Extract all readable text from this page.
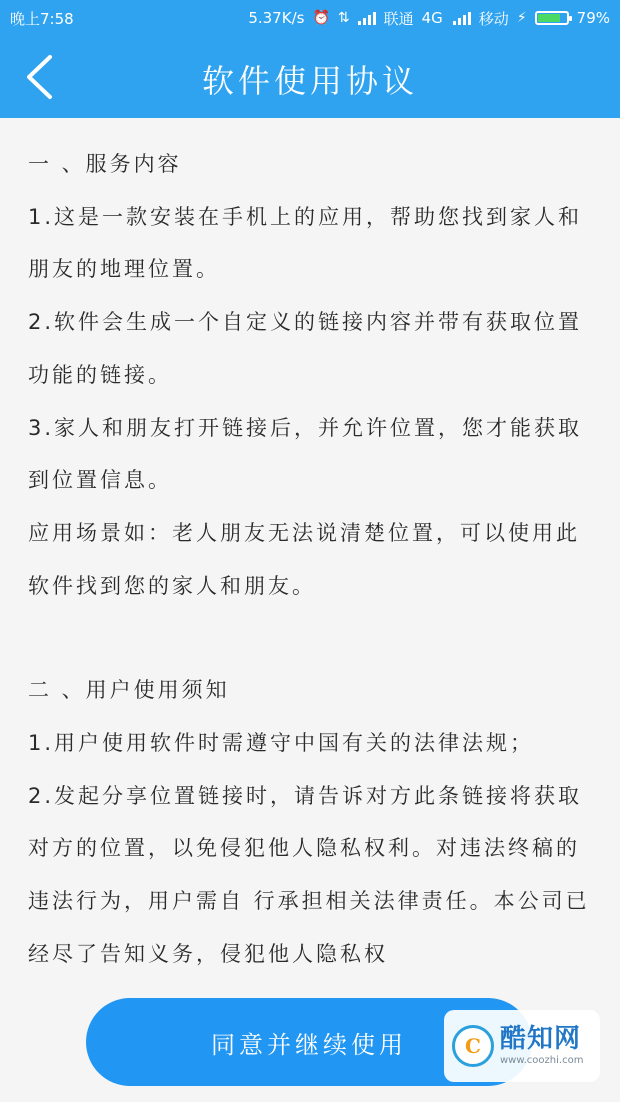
晚上7:58	5.37K/s ⏰ ⇅ 联通 4G 移动 ⚡	79%
软件使用协议

一 、服务内容

1.这是一款安装在手机上的应用，帮助您找到家人和朋友的地理位置。

2.软件会生成一个自定义的链接内容并带有获取位置功能的链接。

3.家人和朋友打开链接后，并允许位置，您才能获取到位置信息。

应用场景如：老人朋友无法说清楚位置，可以使用此软件找到您的家人和朋友。

二 、用户使用须知

1.用户使用软件时需遵守中国有关的法律法规；

2.发起分享位置链接时，请告诉对方此条链接将获取对方的位置，以免侵犯他人隐私权利。对违法终稿的违法行为，用户需自 行承担相关法律责任。本公司已经尽了告知义务，侵犯他人隐私权

同意并继续使用	C 酷知网
www.coozhi.com
